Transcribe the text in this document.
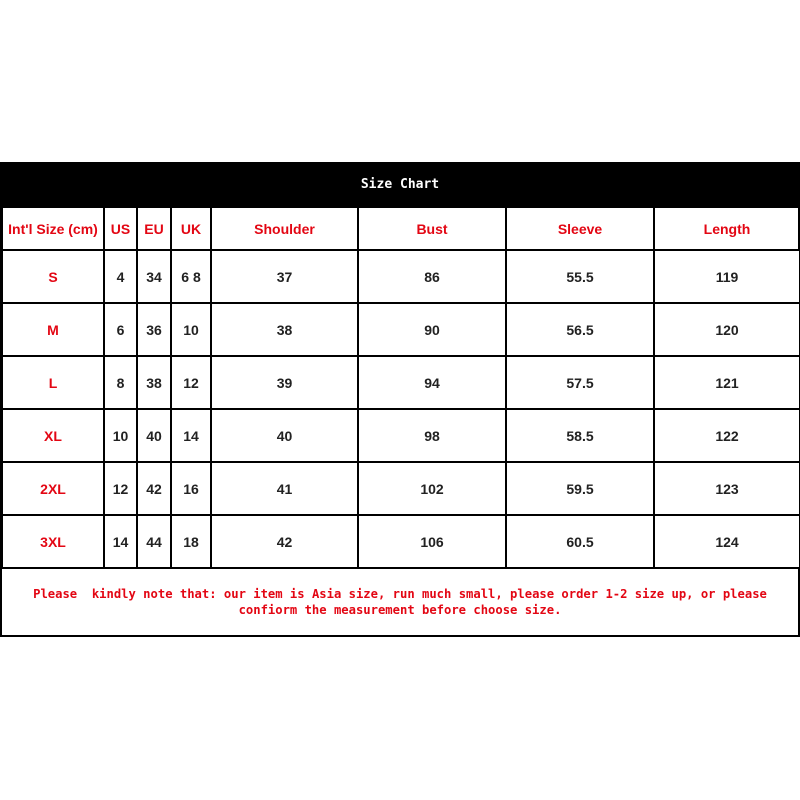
Size Chart
Int'l Size (cm)	US	EU	UK	Shoulder	Bust	Sleeve	Length
S	4	34	6 8	37	86	55.5	119
M	6	36	10	38	90	56.5	120
L	8	38	12	39	94	57.5	121
XL	10	40	14	40	98	58.5	122
2XL	12	42	16	41	102	59.5	123
3XL	14	44	18	42	106	60.5	124
Please  kindly note that: our item is Asia size, run much small, please order 1-2 size up, or please confiorm the measurement before choose size.
